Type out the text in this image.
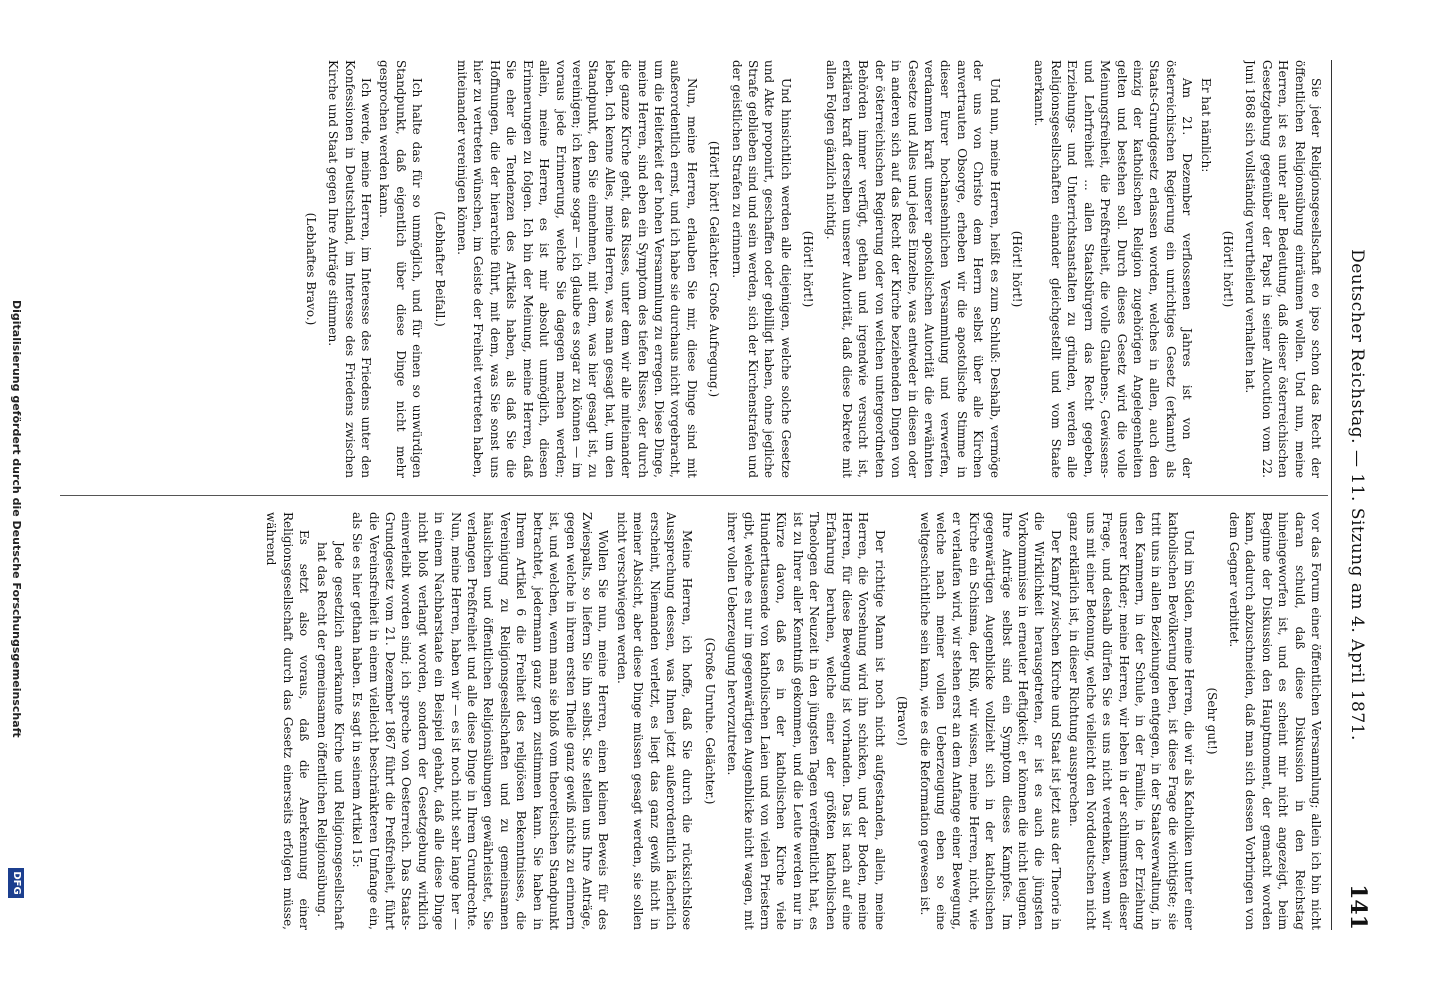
Deutscher Reichstag. — 11. Sitzung am 4. April 1871.
141

Sie jeder Religionsgesellschaft eo ipso schon das Recht der öffentlichen Religionsübung einräumen wollen. Und nun, meine Herren, ist es unter aller Bedeutung, daß dieser österreichischen Gesetzgebung gegenüber der Papst in seiner Allocution vom 22. Juni 1868 sich vollständig verurtheilend verhalten hat.

(Hört! hört!)

Er hat nämlich:

Am 21. Dezember verflossenen Jahres ist von der österreichischen Regierung ein unrichtiges Gesetz (erkannt) als Staats-Grundgesetz erlassen worden, welches in allen, auch den einzig der katholischen Religion zugehörigen Angelegenheiten gelten und bestehen soll. Durch dieses Gesetz wird die volle Meinungsfreiheit, die Preßfreiheit, die volle Glaubens-, Gewissens- und Lehrfreiheit ... allen Staatsbürgern das Recht gegeben, Erziehungs- und Unterrichtsanstalten zu gründen, werden alle Religionsgesellschaften einander gleichgestellt und vom Staate anerkannt.

(Hört! hört!)

Und nun, meine Herren, heißt es zum Schluß: Deshalb, vermöge der uns von Christo dem Herrn selbst über alle Kirchen anvertrauten Obsorge, erheben wir die apostolische Stimme in dieser Eurer hochansehnlichen Versammlung und verwerfen, verdammen kraft unserer apostolischen Autorität die erwähnten Gesetze und Alles und jedes Einzelne, was entweder in diesen oder in anderen sich auf das Recht der Kirche beziehenden Dingen von der österreichischen Regierung oder von welchen untergeordneten Behörden immer verfügt, gethan und irgendwie versucht ist, erklären kraft derselben unserer Autorität, daß diese Dekrete mit allen Folgen gänzlich nichtig.

(Hört! hört!)

Und hinsichtlich werden alle diejenigen, welche solche Gesetze und Akte proponirt, geschaffen oder gebilligt haben, ohne jegliche Strafe geblieben sind und sein werden, sich der Kirchenstrafen und der geistlichen Strafen zu erinnern.

(Hört! hört! Gelächter. Große Aufregung.)

Nun, meine Herren, erlauben Sie mir, diese Dinge sind mit außerordentlich ernst, und ich habe sie durchaus nicht vorgebracht, um die Heiterkeit der hohen Versammlung zu erregen. Diese Dinge, meine Herren, sind eben ein Symptom des tiefen Risses, der durch die ganze Kirche geht, das Risses, unter dem wir alle miteinander leben. Ich kenne Alles, meine Herren, was man gesagt hat, um den Standpunkt, den Sie einnehmen, mit dem, was hier gesagt ist, zu vereinigen; ich kenne sogar — ich glaube es sogar zu können — im voraus jede Erinnerung, welche Sie dagegen machen werden; allein, meine Herren, es ist mir absolut unmöglich, diesen Erinnerungen zu folgen. Ich bin der Meinung, meine Herren, daß Sie eher die Tendenzen des Artikels haben, als daß Sie die Hoffnungen, die der hierarchie führt, mit dem, was Sie sonst uns hier zu vertreten wünschen, im Geiste der Freiheit vertreten haben, miteinander vereinigen können.

(Lebhafter Beifall.)

Ich halte das für so unmöglich, und für einen so unwürdigen Standpunkt, daß eigentlich über diese Dinge nicht mehr gesprochen werden kann.

Ich werde, meine Herren, im Interesse des Friedens unter den Konfessionen in Deutschland, im Interesse des Friedens zwischen Kirche und Staat gegen Ihre Anträge stimmen.

(Lebhaftes Bravo.)

vor das Forum einer öffentlichen Versammlung; allein ich bin nicht daran schuld, daß diese Diskussion in den Reichstag hineingeworfen ist, und es scheint mir nicht angezeigt, beim Beginne der Diskussion den Hauptmoment, der gemacht worden kann, dadurch abzuschneiden, daß man sich dessen Vorbringen von dem Gegner verbittet.

(Sehr gut!)

Und im Süden, meine Herren, die wir als Katholiken unter einer katholischen Bevölkerung leben, ist diese Frage die wichtigste; sie tritt uns in allen Beziehungen entgegen, in der Staatsverwaltung, in den Kammern, in der Schule, in der Familie, in der Erziehung unserer Kinder; meine Herren, wir leben in der schlimmsten dieser Frage, und deshalb dürfen Sie es uns nicht verdenken, wenn wir uns mit einer Betonung, welche vielleicht den Norddeutschen nicht ganz erklärlich ist, in dieser Richtung aussprechen.

Der Kampf zwischen Kirche und Staat ist jetzt aus der Theorie in die Wirklichkeit herausgetreten, er ist es auch die jüngsten Vorkommnisse in erneuter Heftigkeit; er können die nicht leugnen. Ihre Anträge selbst sind ein Symptom dieses Kampfes. Im gegenwärtigen Augenblicke vollzieht sich in der katholischen Kirche ein Schisma, der Riß, wir wissen, meine Herren, nicht, wie er verlaufen wird, wir stehen erst an dem Anfange einer Bewegung, welche nach meiner vollen Ueberzeugung eben so eine weltgeschichtliche sein kann, wie es die Reformation gewesen ist.

(Bravo!)

Der richtige Mann ist noch nicht aufgestanden, allein, meine Herren, die Vorsehung wird ihn schicken, und der Boden, meine Herren, für diese Bewegung ist vorhanden. Das ist nach auf eine Erfahrung beruhen, welche einer der größten katholischen Theologen der Neuzeit in den jüngsten Tagen veröffentlicht hat, es ist zu Ihrer aller Kenntniß gekommen, und die Leute werden nur in Kürze davon, daß es in der katholischen Kirche viele Hunderttausende von katholischen Laien und von vielen Priestern gibt, welche es nur im gegenwärtigen Augenblicke nicht wagen, mit ihrer vollen Ueberzeugung hervorzutreten.

(Große Unruhe. Gelächter.)

Meine Herren, ich hoffe, daß Sie durch die rücksichtslose Aussprechung dessen, was Ihnen jetzt außerordentlich lächerlich erscheint, Niemanden verletzt, es liegt das ganz gewiß nicht in meiner Absicht, aber diese Dinge müssen gesagt werden, sie sollen nicht verschwiegen werden.

Wollen Sie nun, meine Herren, einen kleinen Beweis für des Zwiespalts, so liefern Sie ihn selbst. Sie stellen uns Ihre Anträge, gegen welche in ihrem ersten Theile ganz gewiß nichts zu erinnern ist, und welchen, wenn man sie bloß vom theoretischen Standpunkt betrachtet, jedermann ganz gern zustimmen kann. Sie haben in Ihrem Artikel 6 die Freiheit des religiösen Bekenntnisses, die Vereinigung zu Religionsgesellschaften und zu gemeinsamen häuslichen und öffentlichen Religionsübungen gewährleistet, Sie verlangen Preßfreiheit und alle diese Dinge in Ihrem Grundrechte. Nun, meine Herren, haben wir — es ist noch nicht sehr lange her — in einem Nachbarstaate ein Beispiel gehabt, daß alle diese Dinge nicht bloß verlangt worden, sondern der Gesetzgebung wirklich einverleibt worden sind; ich spreche von Oesterreich. Das Staats-Grundgesetz vom 21. Dezember 1867 führt die Preßfreiheit, führt die Vereinsfreiheit in einem vielleicht beschränkteren Umfange ein, als Sie es hier gethan haben. Es sagt in seinem Artikel 15:

Jede gesetzlich anerkannte Kirche und Religionsgesellschaft hat das Recht der gemeinsamen öffentlichen Religionsübung.

Es setzt also voraus, daß die Anerkennung einer Religionsgesellschaft durch das Gesetz einerseits erfolgen müsse, während

Digitalisierung gefördert durch die Deutsche Forschungsgemeinschaft
DFG
